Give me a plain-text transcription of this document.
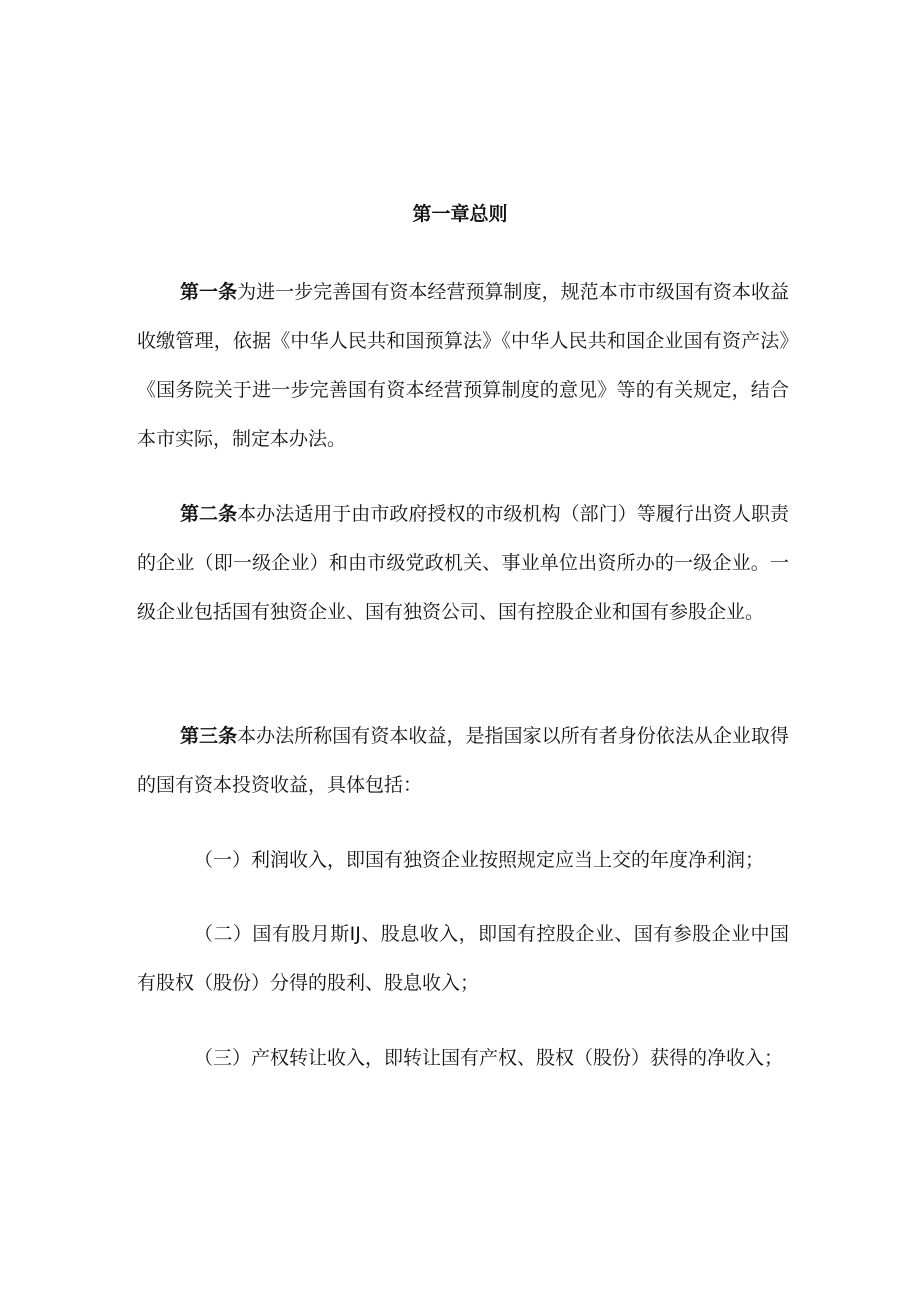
第一章总则

第一条为进一步完善国有资本经营预算制度，规范本市市级国有资本收益收缴管理，依据《中华人民共和国预算法》《中华人民共和国企业国有资产法》《国务院关于进一步完善国有资本经营预算制度的意见》等的有关规定，结合本市实际，制定本办法。

第二条本办法适用于由市政府授权的市级机构（部门）等履行出资人职责的企业（即一级企业）和由市级党政机关、事业单位出资所办的一级企业。一级企业包括国有独资企业、国有独资公司、国有控股企业和国有参股企业。

第三条本办法所称国有资本收益，是指国家以所有者身份依法从企业取得的国有资本投资收益，具体包括：

（一）利润收入，即国有独资企业按照规定应当上交的年度净利润；

（二）国有股月斯IJ、股息收入，即国有控股企业、国有参股企业中国有股权（股份）分得的股利、股息收入；

（三）产权转让收入，即转让国有产权、股权（股份）获得的净收入；
